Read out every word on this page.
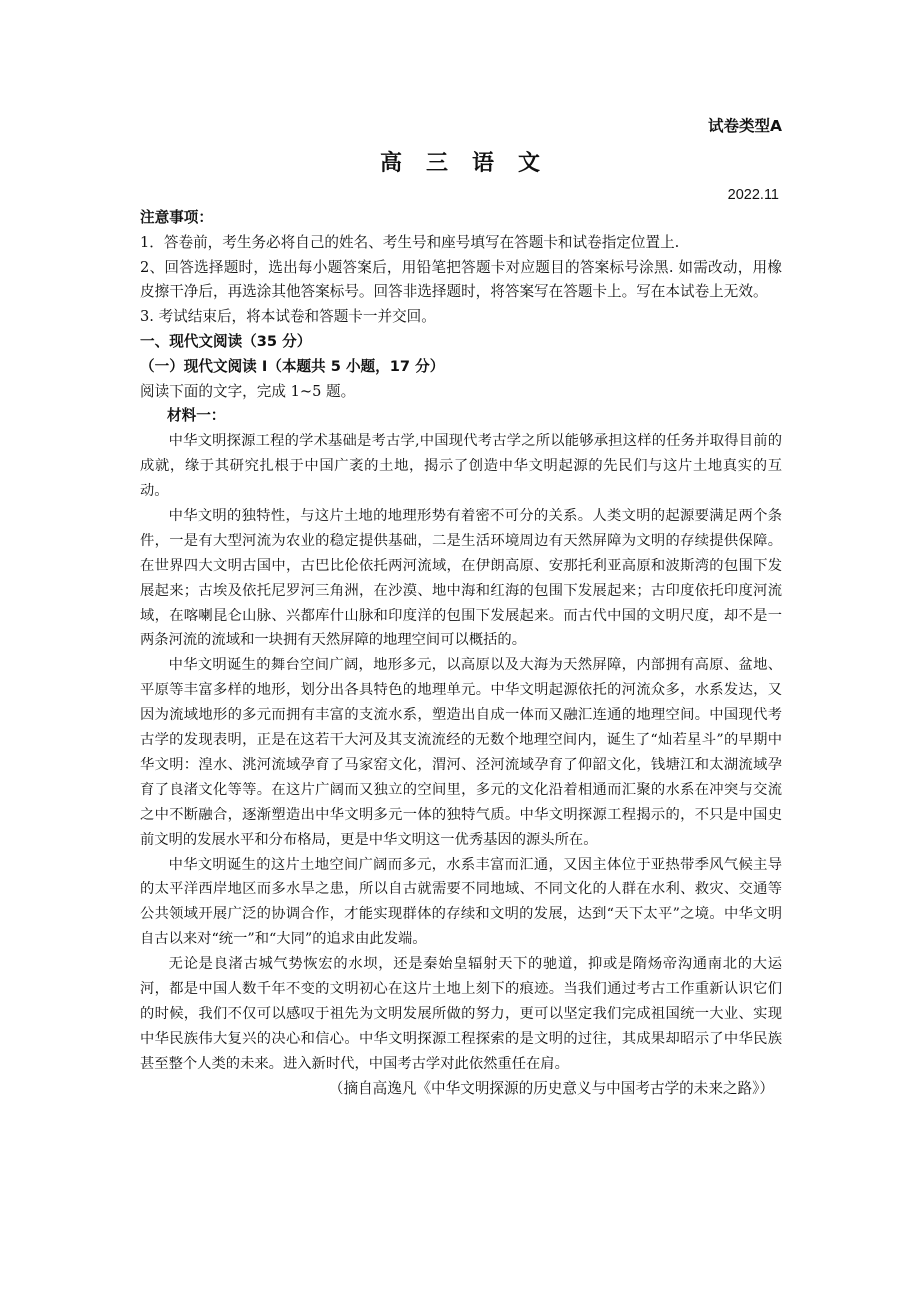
试卷类型A
高三语文
2022.11
注意事项：
1．答卷前，考生务必将自己的姓名、考生号和座号填写在答题卡和试卷指定位置上.
2、回答选择题时，选出每小题答案后，用铅笔把答题卡对应题目的答案标号涂黑. 如需改动，用橡皮擦干净后，再选涂其他答案标号。回答非选择题时，将答案写在答题卡上。写在本试卷上无效。
3. 考试结束后，将本试卷和答题卡一并交回。
一、现代文阅读（35 分）
（一）现代文阅读 I（本题共 5 小题，17 分）
阅读下面的文字，完成 1~5 题。
材料一：
中华文明探源工程的学术基础是考古学,中国现代考古学之所以能够承担这样的任务并取得目前的成就，缘于其研究扎根于中国广袤的土地，揭示了创造中华文明起源的先民们与这片土地真实的互动。
中华文明的独特性，与这片土地的地理形势有着密不可分的关系。人类文明的起源要满足两个条件，一是有大型河流为农业的稳定提供基础，二是生活环境周边有天然屏障为文明的存续提供保障。在世界四大文明古国中，古巴比伦依托两河流域，在伊朗高原、安那托利亚高原和波斯湾的包围下发展起来；古埃及依托尼罗河三角洲，在沙漠、地中海和红海的包围下发展起来；古印度依托印度河流域，在喀喇昆仑山脉、兴都库什山脉和印度洋的包围下发展起来。而古代中国的文明尺度，却不是一两条河流的流域和一块拥有天然屏障的地理空间可以概括的。
中华文明诞生的舞台空间广阔，地形多元，以高原以及大海为天然屏障，内部拥有高原、盆地、平原等丰富多样的地形，划分出各具特色的地理单元。中华文明起源依托的河流众多，水系发达，又因为流域地形的多元而拥有丰富的支流水系，塑造出自成一体而又融汇连通的地理空间。中国现代考古学的发现表明，正是在这若干大河及其支流流经的无数个地理空间内，诞生了“灿若星斗”的早期中华文明：湟水、洮河流域孕育了马家窑文化，渭河、泾河流域孕育了仰韶文化，钱塘江和太湖流域孕育了良渚文化等等。在这片广阔而又独立的空间里，多元的文化沿着相通而汇聚的水系在冲突与交流之中不断融合，逐渐塑造出中华文明多元一体的独特气质。中华文明探源工程揭示的，不只是中国史前文明的发展水平和分布格局，更是中华文明这一优秀基因的源头所在。
中华文明诞生的这片土地空间广阔而多元，水系丰富而汇通，又因主体位于亚热带季风气候主导的太平洋西岸地区而多水旱之患，所以自古就需要不同地域、不同文化的人群在水利、救灾、交通等公共领域开展广泛的协调合作，才能实现群体的存续和文明的发展，达到“天下太平”之境。中华文明自古以来对“统一”和“大同”的追求由此发端。
无论是良渚古城气势恢宏的水坝，还是秦始皇辐射天下的驰道，抑或是隋炀帝沟通南北的大运河，都是中国人数千年不变的文明初心在这片土地上刻下的痕迹。当我们通过考古工作重新认识它们的时候，我们不仅可以感叹于祖先为文明发展所做的努力，更可以坚定我们完成祖国统一大业、实现中华民族伟大复兴的决心和信心。中华文明探源工程探索的是文明的过往，其成果却昭示了中华民族甚至整个人类的未来。进入新时代，中国考古学对此依然重任在肩。
（摘自高逸凡《中华文明探源的历史意义与中国考古学的未来之路》）
